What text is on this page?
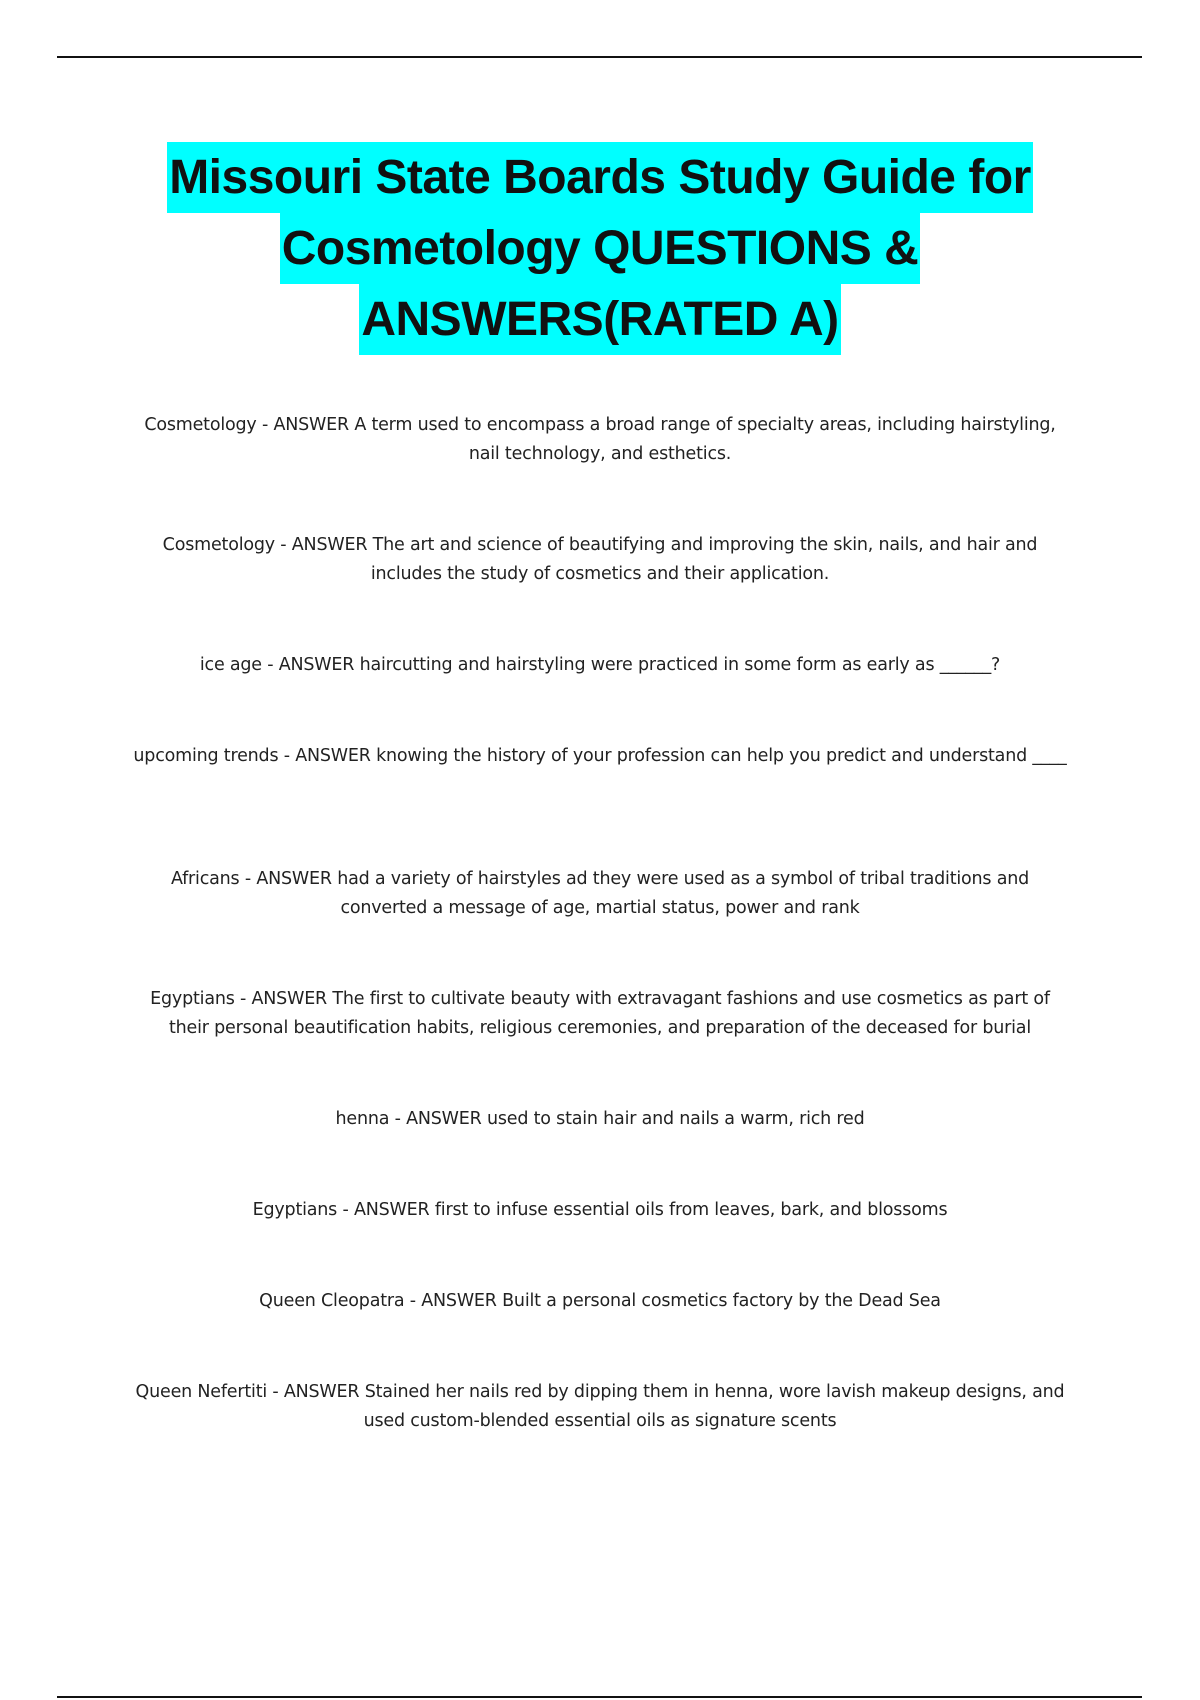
Missouri State Boards Study Guide for
Cosmetology QUESTIONS &
ANSWERS(RATED A)
Cosmetology - ANSWER A term used to encompass a broad range of specialty areas, including hairstyling, nail technology, and esthetics.
Cosmetology - ANSWER The art and science of beautifying and improving the skin, nails, and hair and includes the study of cosmetics and their application.
ice age - ANSWER haircutting and hairstyling were practiced in some form as early as ______?
upcoming trends - ANSWER knowing the history of your profession can help you predict and understand ____
Africans - ANSWER had a variety of hairstyles ad they were used as a symbol of tribal traditions and converted a message of age, martial status, power and rank
Egyptians - ANSWER The first to cultivate beauty with extravagant fashions and use cosmetics as part of their personal beautification habits, religious ceremonies, and preparation of the deceased for burial
henna - ANSWER used to stain hair and nails a warm, rich red
Egyptians - ANSWER first to infuse essential oils from leaves, bark, and blossoms
Queen Cleopatra - ANSWER Built a personal cosmetics factory by the Dead Sea
Queen Nefertiti - ANSWER Stained her nails red by dipping them in henna, wore lavish makeup designs, and used custom-blended essential oils as signature scents
